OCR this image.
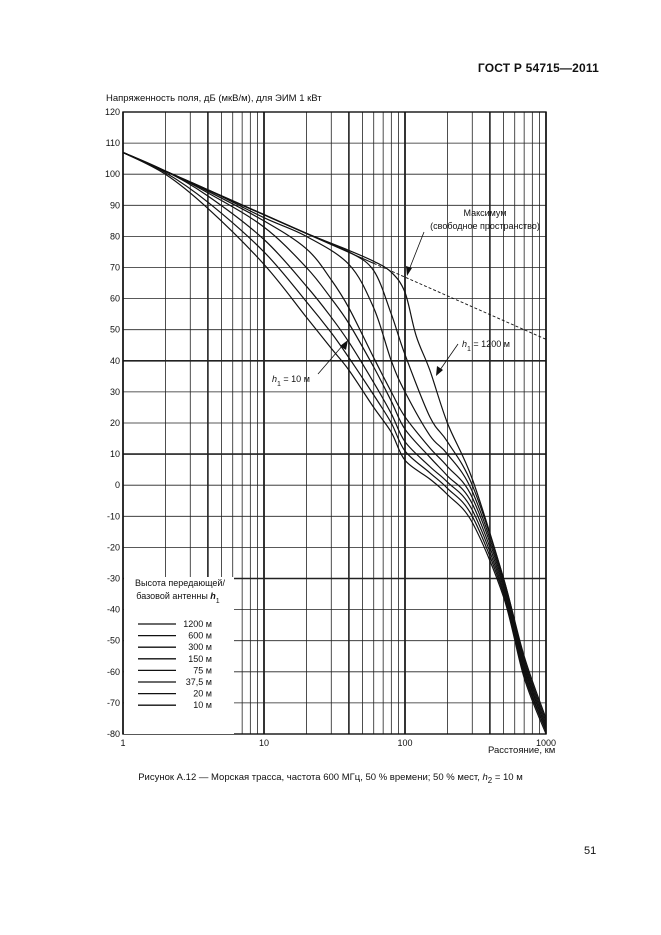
ГОСТ Р 54715—2011
Напряженность поля, дБ (мкВ/м), для ЭИМ 1 кВт
Расстояние, км
120
110
100
90
80
70
60
50
40
30
20
10
0
-10
-20
-30
-40
-50
-60
-70
-80
1	10	100	1000
Максимум
(свободное пространство)
$h_1 = 1200$ м
$h_1 = 10$ м
Высота передающей/
базовой антенны $h_1$
1200 м
600 м
300 м
150 м
75 м
37,5 м
20 м
10 м
Рисунок А.12 — Морская трасса, частота 600 МГц, 50 % времени; 50 % мест, $h_2 = 10$ м
51
